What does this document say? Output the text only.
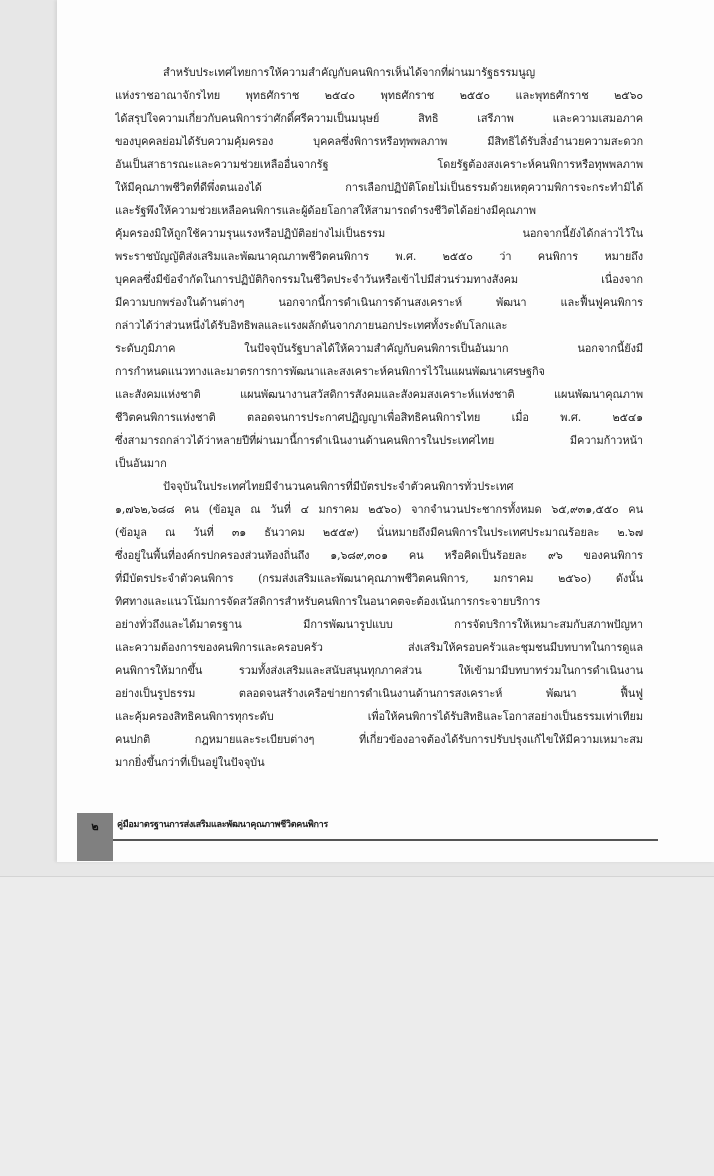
สำหรับประเทศไทยการให้ความสำคัญกับคนพิการเห็นได้จากที่ผ่านมารัฐธรรมนูญ
แห่งราชอาณาจักรไทย พุทธศักราช ๒๕๔๐ พุทธศักราช ๒๕๕๐ และพุทธศักราช ๒๕๖๐
ได้สรุปใจความเกี่ยวกับคนพิการว่าศักดิ์ศรีความเป็นมนุษย์ สิทธิ เสรีภาพ และความเสมอภาค
ของบุคคลย่อมได้รับความคุ้มครอง บุคคลซึ่งพิการหรือทุพพลภาพ มีสิทธิได้รับสิ่งอำนวยความสะดวก
อันเป็นสาธารณะและความช่วยเหลืออื่นจากรัฐ โดยรัฐต้องสงเคราะห์คนพิการหรือทุพพลภาพ
ให้มีคุณภาพชีวิตที่ดีพึ่งตนเองได้ การเลือกปฏิบัติโดยไม่เป็นธรรมด้วยเหตุความพิการจะกระทำมิได้
และรัฐพึงให้ความช่วยเหลือคนพิการและผู้ด้อยโอกาสให้สามารถดำรงชีวิตได้อย่างมีคุณภาพ
คุ้มครองมิให้ถูกใช้ความรุนแรงหรือปฏิบัติอย่างไม่เป็นธรรม นอกจากนี้ยังได้กล่าวไว้ใน
พระราชบัญญัติส่งเสริมและพัฒนาคุณภาพชีวิตคนพิการ พ.ศ. ๒๕๕๐ ว่า คนพิการ หมายถึง
บุคคลซึ่งมีข้อจำกัดในการปฏิบัติกิจกรรมในชีวิตประจำวันหรือเข้าไปมีส่วนร่วมทางสังคม เนื่องจาก
มีความบกพร่องในด้านต่างๆ นอกจากนี้การดำเนินการด้านสงเคราะห์ พัฒนา และฟื้นฟูคนพิการ
กล่าวได้ว่าส่วนหนึ่งได้รับอิทธิพลและแรงผลักดันจากภายนอกประเทศทั้งระดับโลกและ
ระดับภูมิภาค ในปัจจุบันรัฐบาลได้ให้ความสำคัญกับคนพิการเป็นอันมาก นอกจากนี้ยังมี
การกำหนดแนวทางและมาตรการการพัฒนาและสงเคราะห์คนพิการไว้ในแผนพัฒนาเศรษฐกิจ
และสังคมแห่งชาติ แผนพัฒนางานสวัสดิการสังคมและสังคมสงเคราะห์แห่งชาติ แผนพัฒนาคุณภาพ
ชีวิตคนพิการแห่งชาติ ตลอดจนการประกาศปฏิญญาเพื่อสิทธิคนพิการไทย เมื่อ พ.ศ. ๒๕๔๑
ซึ่งสามารถกล่าวได้ว่าหลายปีที่ผ่านมานี้การดำเนินงานด้านคนพิการในประเทศไทย มีความก้าวหน้า
เป็นอันมาก
ปัจจุบันในประเทศไทยมีจำนวนคนพิการที่มีบัตรประจำตัวคนพิการทั่วประเทศ
๑,๗๖๒,๖๘๘ คน (ข้อมูล ณ วันที่ ๔ มกราคม ๒๕๖๐) จากจำนวนประชากรทั้งหมด ๖๕,๙๓๑,๕๕๐ คน
(ข้อมูล ณ วันที่ ๓๑ ธันวาคม ๒๕๕๙) นั่นหมายถึงมีคนพิการในประเทศประมาณร้อยละ ๒.๖๗
ซึ่งอยู่ในพื้นที่องค์กรปกครองส่วนท้องถิ่นถึง ๑,๖๘๙,๓๐๑ คน หรือคิดเป็นร้อยละ ๙๖ ของคนพิการ
ที่มีบัตรประจำตัวคนพิการ (กรมส่งเสริมและพัฒนาคุณภาพชีวิตคนพิการ, มกราคม ๒๕๖๐) ดังนั้น
ทิศทางและแนวโน้มการจัดสวัสดิการสำหรับคนพิการในอนาคตจะต้องเน้นการกระจายบริการ
อย่างทั่วถึงและได้มาตรฐาน มีการพัฒนารูปแบบ การจัดบริการให้เหมาะสมกับสภาพปัญหา
และความต้องการของคนพิการและครอบครัว ส่งเสริมให้ครอบครัวและชุมชนมีบทบาทในการดูแล
คนพิการให้มากขึ้น รวมทั้งส่งเสริมและสนับสนุนทุกภาคส่วน ให้เข้ามามีบทบาทร่วมในการดำเนินงาน
อย่างเป็นรูปธรรม ตลอดจนสร้างเครือข่ายการดำเนินงานด้านการสงเคราะห์ พัฒนา ฟื้นฟู
และคุ้มครองสิทธิคนพิการทุกระดับ เพื่อให้คนพิการได้รับสิทธิและโอกาสอย่างเป็นธรรมเท่าเทียม
คนปกติ กฎหมายและระเบียบต่างๆ ที่เกี่ยวข้องอาจต้องได้รับการปรับปรุงแก้ไขให้มีความเหมาะสม
มากยิ่งขึ้นกว่าที่เป็นอยู่ในปัจจุบัน
๒	คู่มือมาตรฐานการส่งเสริมและพัฒนาคุณภาพชีวิตคนพิการ
